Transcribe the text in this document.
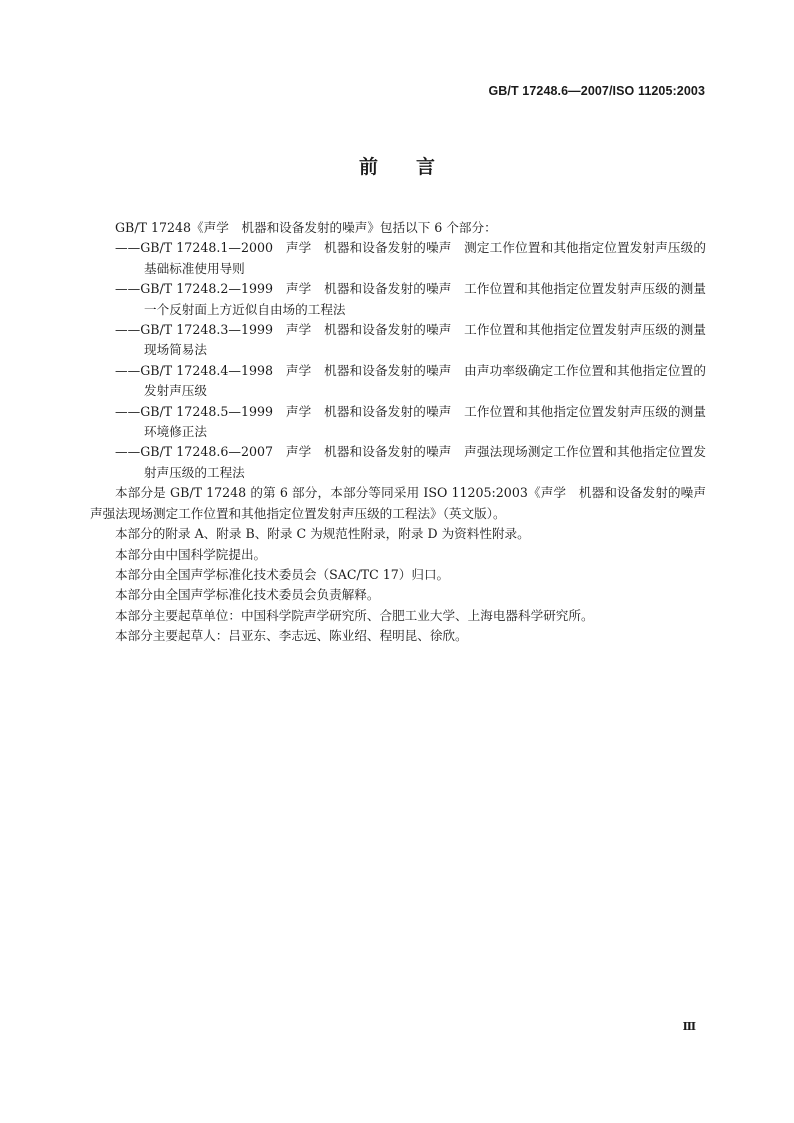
GB/T 17248.6—2007/ISO 11205:2003
前言

GB/T 17248《声学　机器和设备发射的噪声》包括以下 6 个部分：

——GB/T 17248.1—2000　声学　机器和设备发射的噪声　测定工作位置和其他指定位置发射声压级的基础标准使用导则

——GB/T 17248.2—1999　声学　机器和设备发射的噪声　工作位置和其他指定位置发射声压级的测量　一个反射面上方近似自由场的工程法

——GB/T 17248.3—1999　声学　机器和设备发射的噪声　工作位置和其他指定位置发射声压级的测量　现场简易法

——GB/T 17248.4—1998　声学　机器和设备发射的噪声　由声功率级确定工作位置和其他指定位置的发射声压级

——GB/T 17248.5—1999　声学　机器和设备发射的噪声　工作位置和其他指定位置发射声压级的测量　环境修正法

——GB/T 17248.6—2007　声学　机器和设备发射的噪声　声强法现场测定工作位置和其他指定位置发射声压级的工程法

本部分是 GB/T 17248 的第 6 部分，本部分等同采用 ISO 11205:2003《声学　机器和设备发射的噪声　声强法现场测定工作位置和其他指定位置发射声压级的工程法》（英文版）。

本部分的附录 A、附录 B、附录 C 为规范性附录，附录 D 为资料性附录。

本部分由中国科学院提出。

本部分由全国声学标准化技术委员会（SAC/TC 17）归口。

本部分由全国声学标准化技术委员会负责解释。

本部分主要起草单位：中国科学院声学研究所、合肥工业大学、上海电器科学研究所。

本部分主要起草人：吕亚东、李志远、陈业绍、程明昆、徐欣。

Ⅲ
